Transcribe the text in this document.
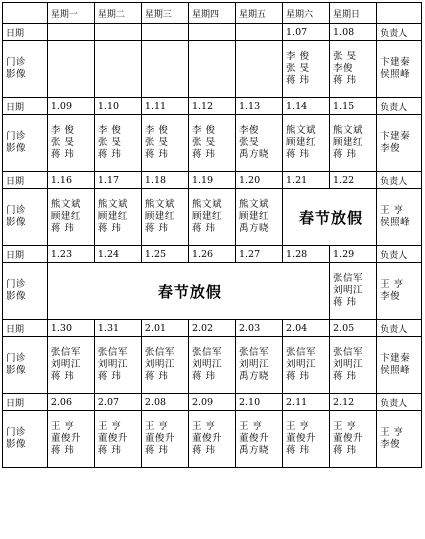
	星期一	星期二	星期三	星期四	星期五	星期六	星期日	
日期						1.07	1.08	负责人

门诊
影像						李 俊
张 旻
蒋 玮	张 旻
李俊
蒋 玮	卞建秦
侯照峰

日期	1.09	1.10	1.11	1.12	1.13	1.14	1.15	负责人

门诊
影像	李 俊
张 旻
蒋 玮	李 俊
张 旻
蒋 玮	李 俊
张 旻
蒋 玮	李 俊
张 旻
蒋 玮	李俊
张旻
禹方晓	熊文斌
顾建红
蒋 玮	熊文斌
顾建红
蒋 玮	卞建秦
李俊

日期	1.16	1.17	1.18	1.19	1.20	1.21	1.22	负责人

门诊
影像	熊文斌
顾建红
蒋 玮	熊文斌
顾建红
蒋 玮	熊文斌
顾建红
蒋 玮	熊文斌
顾建红
蒋 玮	熊文斌
顾建红
禹方晓	春节放假		王 亨
侯照峰

日期	1.23	1.24	1.25	1.26	1.27	1.28	1.29	负责人

门诊
影像	春节放假						张信军
刘明江
蒋 玮	王 亨
李俊

日期	1.30	1.31	2.01	2.02	2.03	2.04	2.05	负责人

门诊
影像	张信军
刘明江
蒋 玮	张信军
刘明江
蒋 玮	张信军
刘明江
蒋 玮	张信军
刘明江
蒋 玮	张信军
刘明江
禹方晓	张信军
刘明江
蒋 玮	张信军
刘明江
蒋 玮	卞建秦
侯照峰

日期	2.06	2.07	2.08	2.09	2.10	2.11	2.12	负责人

门诊
影像	王 亨
董俊升
蒋 玮	王 亨
董俊升
蒋 玮	王 亨
董俊升
蒋 玮	王 亨
董俊升
蒋 玮	王 亨
董俊升
禹方晓	王 亨
董俊升
蒋 玮	王 亨
董俊升
蒋 玮	王 亨
李俊
